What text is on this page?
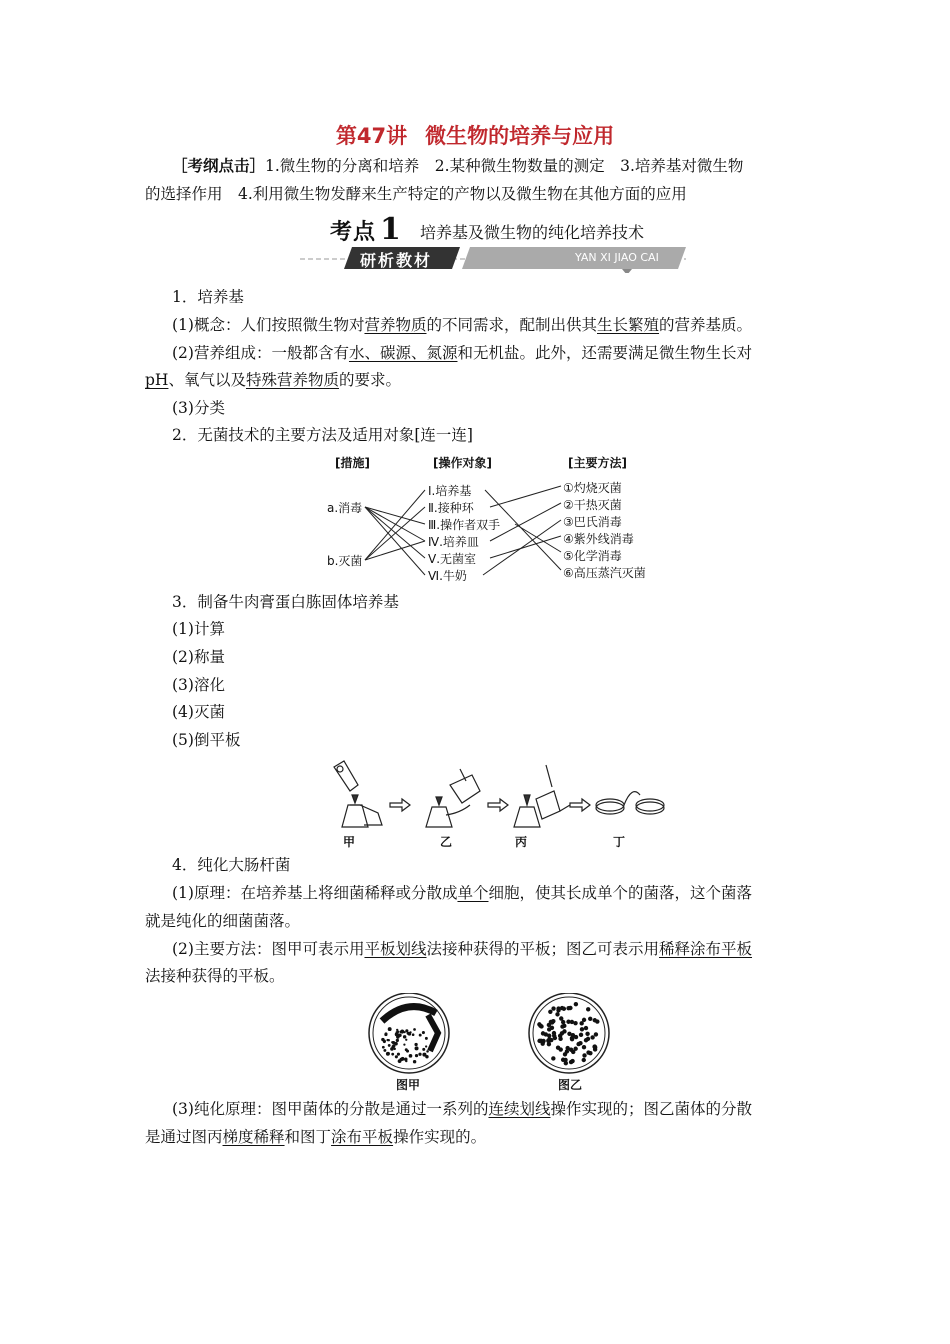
第47讲 微生物的培养与应用
［考纲点击］1.微生物的分离和培养　2.某种微生物数量的测定　3.培养基对微生物
的选择作用　4.利用微生物发酵来生产特定的产物以及微生物在其他方面的应用
考点 1 培养基及微生物的纯化培养技术
研析教材	YAN XI JIAO CAI
1．培养基
(1)概念：人们按照微生物对营养物质的不同需求，配制出供其生长繁殖的营养基质。
(2)营养组成：一般都含有水、碳源、氮源和无机盐。此外，还需要满足微生物生长对
pH、氧气以及特殊营养物质的要求。
(3)分类
2．无菌技术的主要方法及适用对象[连一连]
[措施]	[操作对象]	[主要方法]
a.消毒
b.灭菌
Ⅰ.培养基
Ⅱ.接种环
Ⅲ.操作者双手
Ⅳ.培养皿
Ⅴ.无菌室
Ⅵ.牛奶
①灼烧灭菌
②干热灭菌
③巴氏消毒
④紫外线消毒
⑤化学消毒
⑥高压蒸汽灭菌
3．制备牛肉膏蛋白胨固体培养基
(1)计算
(2)称量
(3)溶化
(4)灭菌
(5)倒平板
甲	乙	丙	丁
4．纯化大肠杆菌
(1)原理：在培养基上将细菌稀释或分散成单个细胞，使其长成单个的菌落，这个菌落
就是纯化的细菌菌落。
(2)主要方法：图甲可表示用平板划线法接种获得的平板；图乙可表示用稀释涂布平板
法接种获得的平板。
图甲	图乙
(3)纯化原理：图甲菌体的分散是通过一系列的连续划线操作实现的；图乙菌体的分散
是通过图丙梯度稀释和图丁涂布平板操作实现的。
